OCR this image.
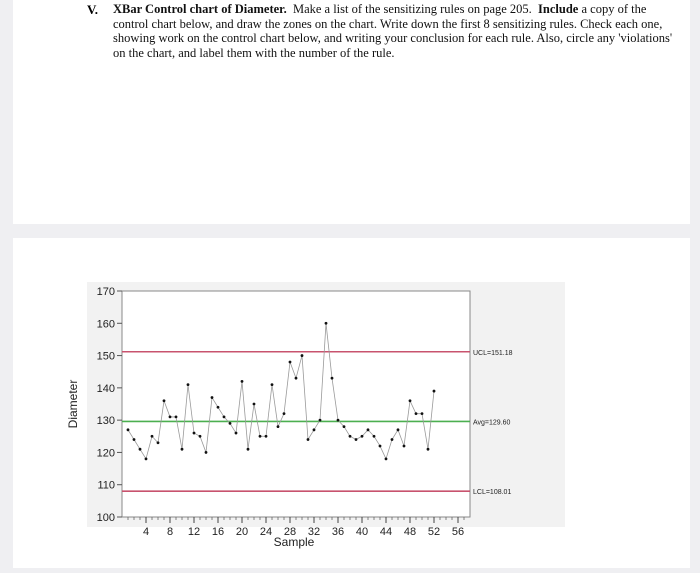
V. XBar Control chart of Diameter. Make a list of the sensitizing rules on page 205. Include a copy of the control chart below, and draw the zones on the chart. Write down the first 8 sensitizing rules. Check each one, showing work on the control chart below, and writing your conclusion for each rule. Also, circle any 'violations' on the chart, and label them with the number of the rule.
100
110
120
130
140
150
160
170
4 8 12 16 20 24 28 32 36 40 44 48 52 56
UCL=151.18
Avg=129.60
LCL=108.01
Sample
Diameter
